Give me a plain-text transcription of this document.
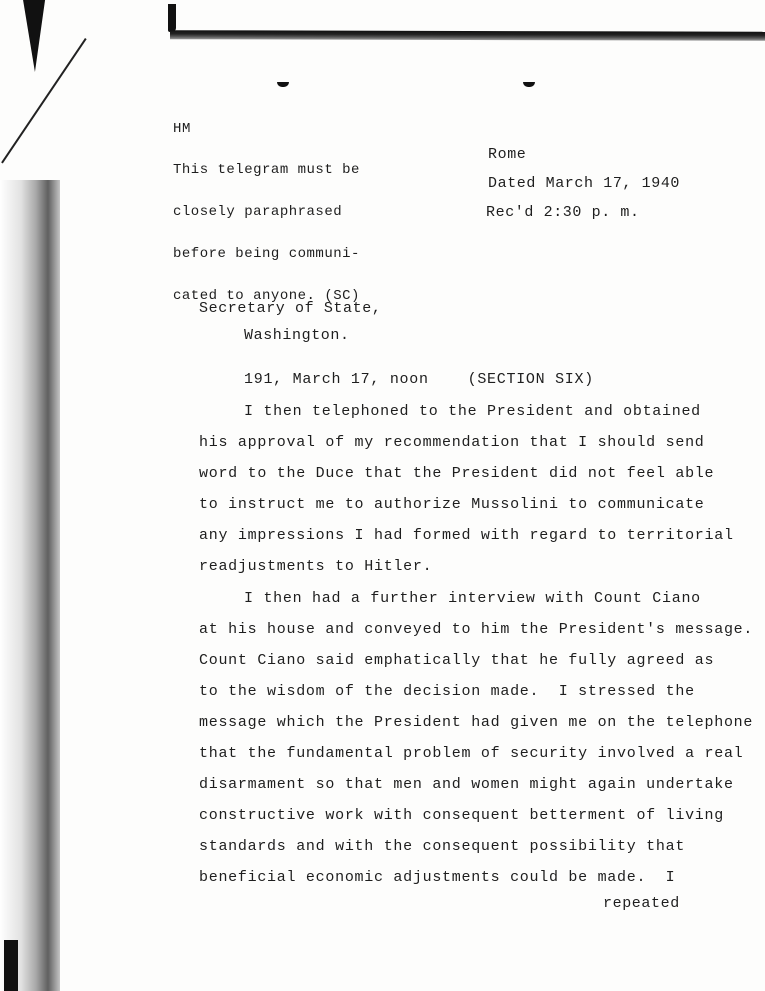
HM

This telegram must be

closely paraphrased

before being communi-

cated to anyone. (SC)

Rome
Dated March 17, 1940
Rec'd 2:30 p. m.
Secretary of State,
Washington.
191, March 17, noon    (SECTION SIX)
I then telephoned to the President and obtained
his approval of my recommendation that I should send
word to the Duce that the President did not feel able
to instruct me to authorize Mussolini to communicate
any impressions I had formed with regard to territorial
readjustments to Hitler.
I then had a further interview with Count Ciano
at his house and conveyed to him the President's message.
Count Ciano said emphatically that he fully agreed as
to the wisdom of the decision made.  I stressed the
message which the President had given me on the telephone
that the fundamental problem of security involved a real
disarmament so that men and women might again undertake
constructive work with consequent betterment of living
standards and with the consequent possibility that
beneficial economic adjustments could be made.  I
repeated
